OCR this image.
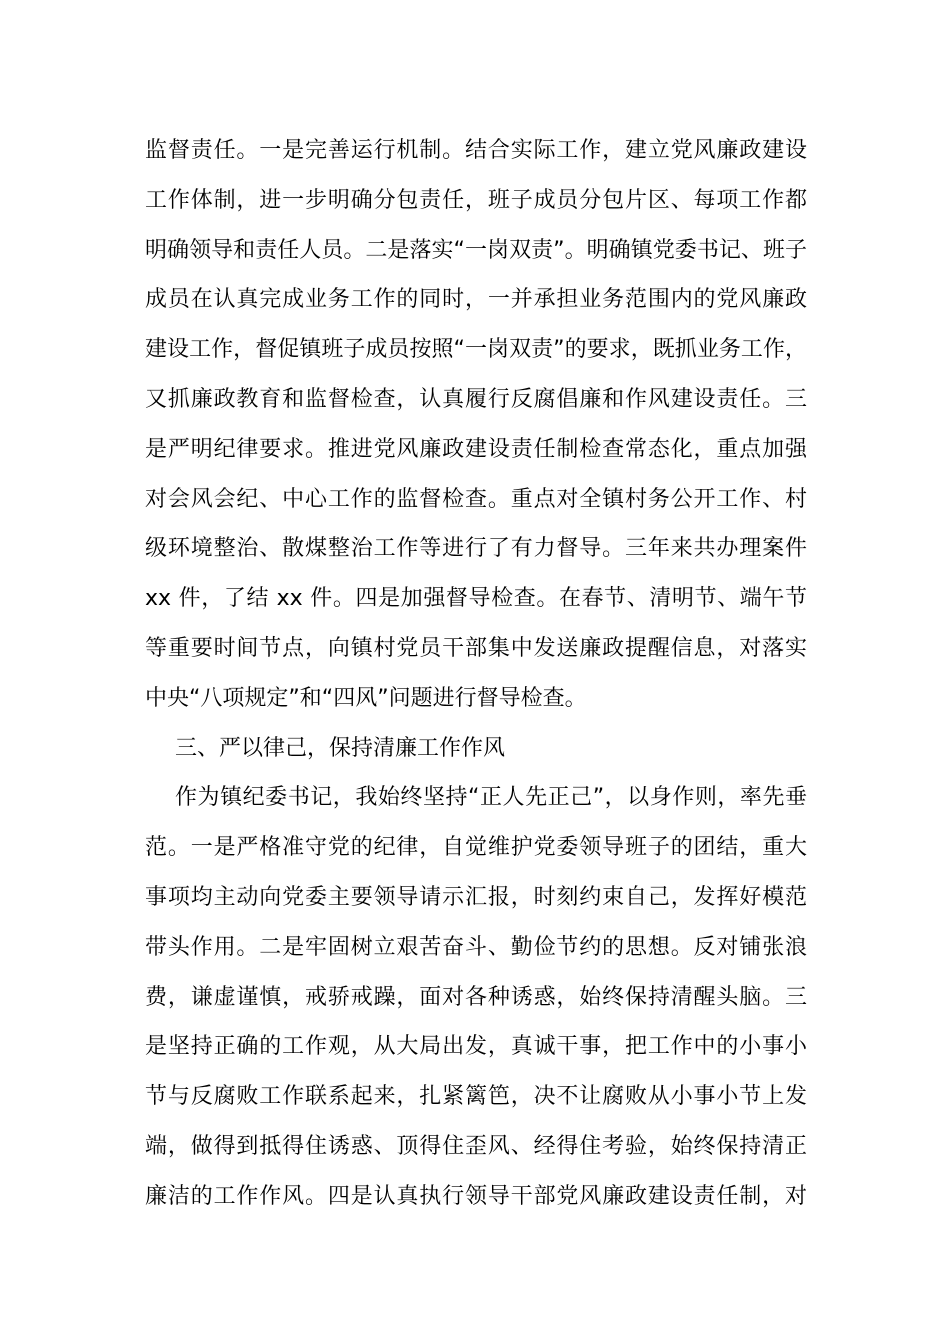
监督责任。一是完善运行机制。结合实际工作，建立党风廉政建设
工作体制，进一步明确分包责任，班子成员分包片区、每项工作都
明确领导和责任人员。二是落实“一岗双责”。明确镇党委书记、班子
成员在认真完成业务工作的同时，一并承担业务范围内的党风廉政
建设工作，督促镇班子成员按照“一岗双责”的要求，既抓业务工作，
又抓廉政教育和监督检查，认真履行反腐倡廉和作风建设责任。三
是严明纪律要求。推进党风廉政建设责任制检查常态化，重点加强
对会风会纪、中心工作的监督检查。重点对全镇村务公开工作、村
级环境整治、散煤整治工作等进行了有力督导。三年来共办理案件
xx 件，了结 xx 件。四是加强督导检查。在春节、清明节、端午节
等重要时间节点，向镇村党员干部集中发送廉政提醒信息，对落实
中央“八项规定”和“四风”问题进行督导检查。
三、严以律己，保持清廉工作作风
作为镇纪委书记，我始终坚持“正人先正己”，以身作则，率先垂
范。一是严格准守党的纪律，自觉维护党委领导班子的团结，重大
事项均主动向党委主要领导请示汇报，时刻约束自己，发挥好模范
带头作用。二是牢固树立艰苦奋斗、勤俭节约的思想。反对铺张浪
费，谦虚谨慎，戒骄戒躁，面对各种诱惑，始终保持清醒头脑。三
是坚持正确的工作观，从大局出发，真诚干事，把工作中的小事小
节与反腐败工作联系起来，扎紧篱笆，决不让腐败从小事小节上发
端，做得到抵得住诱惑、顶得住歪风、经得住考验，始终保持清正
廉洁的工作作风。四是认真执行领导干部党风廉政建设责任制，对
